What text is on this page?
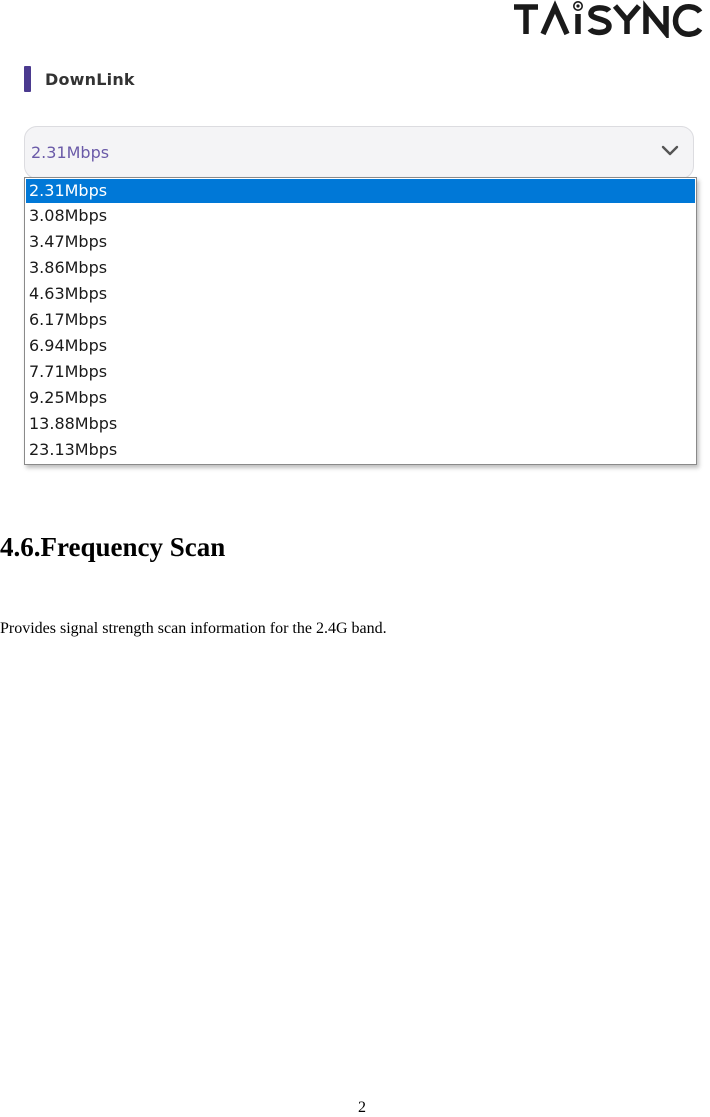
DownLink
2.31Mbps
2.31Mbps
3.08Mbps
3.47Mbps
3.86Mbps
4.63Mbps
6.17Mbps
6.94Mbps
7.71Mbps
9.25Mbps
13.88Mbps
23.13Mbps
4.6.Frequency Scan
Provides signal strength scan information for the 2.4G band.
2
